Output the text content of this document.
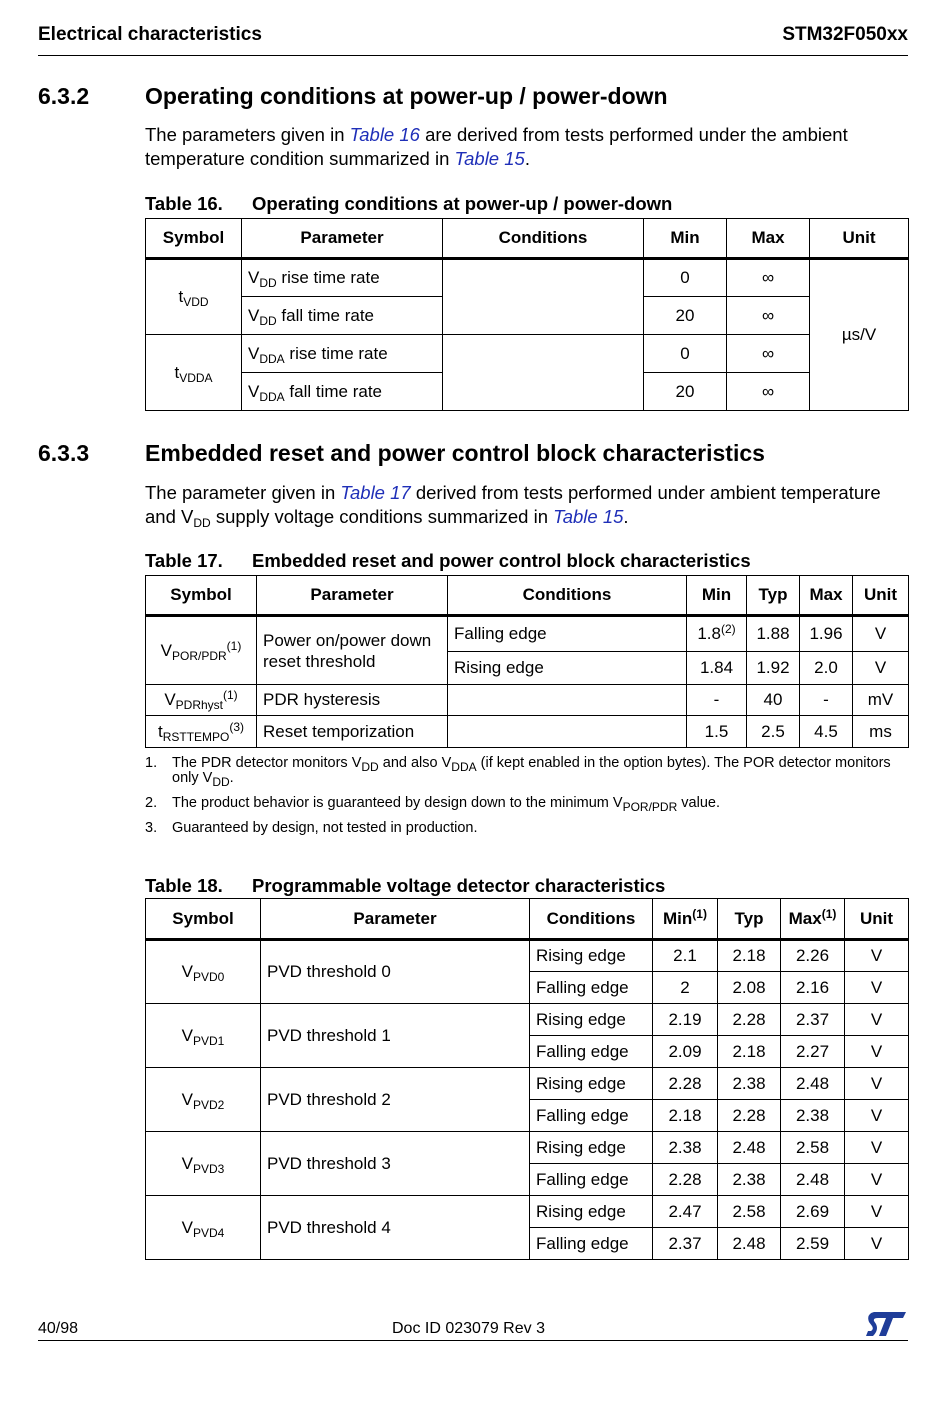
Electrical characteristics	STM32F050xx
6.3.2 Operating conditions at power-up / power-down
The parameters given in Table 16 are derived from tests performed under the ambient temperature condition summarized in Table 15.
Table 16. Operating conditions at power-up / power-down
Symbol	Parameter	Conditions	Min	Max	Unit
$t_{VDD}$	$V_{DD}$ rise time rate		0	∞	µs/V
	$V_{DD}$ fall time rate		20	∞	
$t_{VDDA}$	$V_{DDA}$ rise time rate		0	∞	
	$V_{DDA}$ fall time rate		20	∞	
6.3.3 Embedded reset and power control block characteristics
The parameter given in Table 17 derived from tests performed under ambient temperature and $V_{DD}$ supply voltage conditions summarized in Table 15.
Table 17. Embedded reset and power control block characteristics
Symbol	Parameter	Conditions	Min	Typ	Max	Unit
$V_{POR/PDR}^{(1)}$	Power on/power down reset threshold	Falling edge	1.8$^{(2)}$	1.88	1.96	V
		Rising edge	1.84	1.92	2.0	V
$V_{PDRhyst}^{(1)}$	PDR hysteresis		-	40	-	mV
$t_{RSTTEMPO}^{(3)}$	Reset temporization		1.5	2.5	4.5	ms
1. The PDR detector monitors $V_{DD}$ and also $V_{DDA}$ (if kept enabled in the option bytes). The POR detector monitors only $V_{DD}$.
2. The product behavior is guaranteed by design down to the minimum $V_{POR/PDR}$ value.
3. Guaranteed by design, not tested in production.
Table 18. Programmable voltage detector characteristics
Symbol	Parameter	Conditions	Min$^{(1)}$	Typ	Max$^{(1)}$	Unit
$V_{PVD0}$	PVD threshold 0	Rising edge	2.1	2.18	2.26	V
		Falling edge	2	2.08	2.16	V
$V_{PVD1}$	PVD threshold 1	Rising edge	2.19	2.28	2.37	V
		Falling edge	2.09	2.18	2.27	V
$V_{PVD2}$	PVD threshold 2	Rising edge	2.28	2.38	2.48	V
		Falling edge	2.18	2.28	2.38	V
$V_{PVD3}$	PVD threshold 3	Rising edge	2.38	2.48	2.58	V
		Falling edge	2.28	2.38	2.48	V
$V_{PVD4}$	PVD threshold 4	Rising edge	2.47	2.58	2.69	V
		Falling edge	2.37	2.48	2.59	V
40/98	Doc ID 023079 Rev 3
